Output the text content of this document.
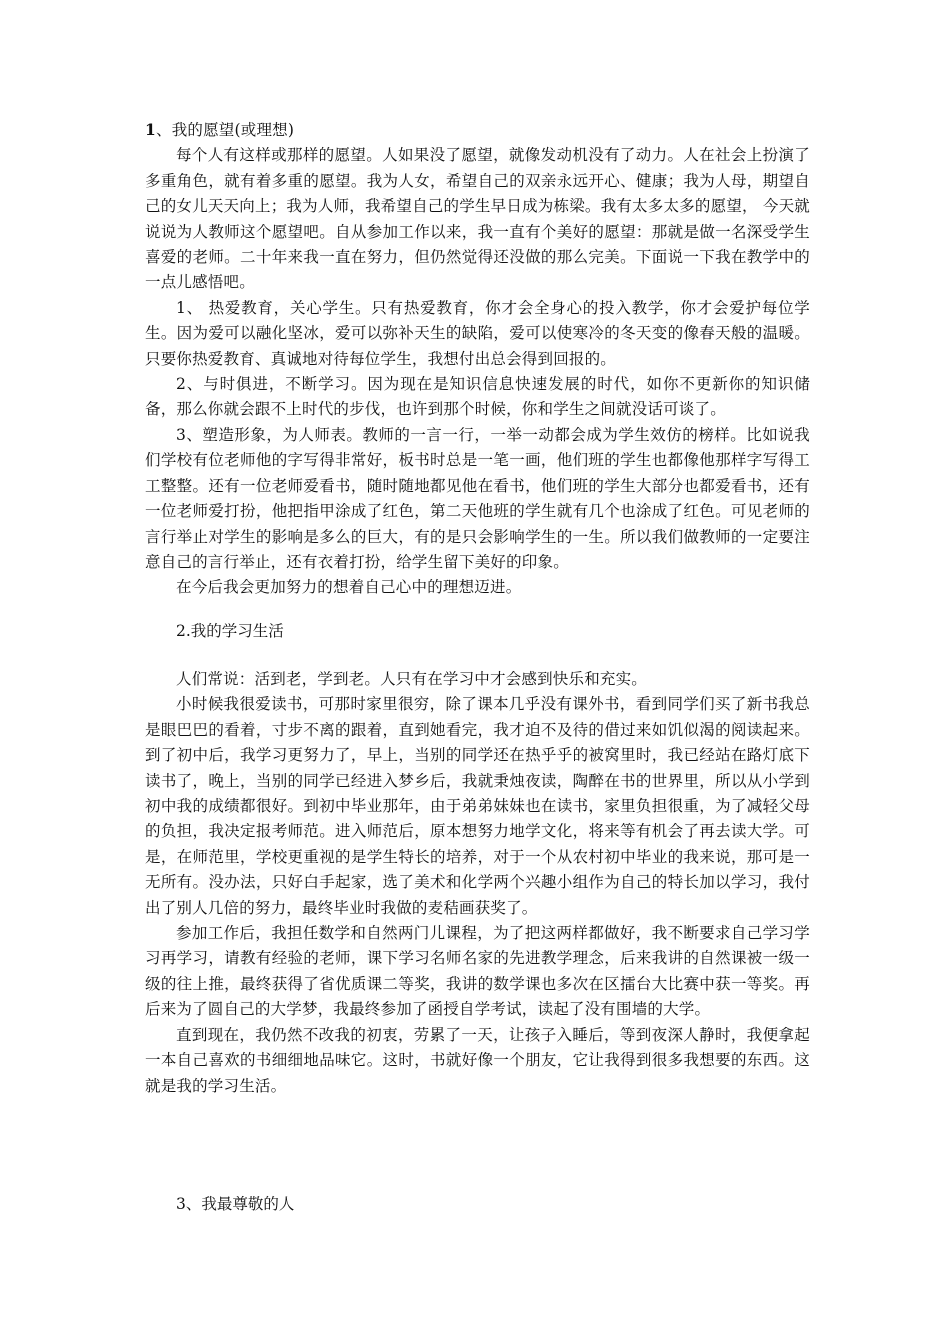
1、我的愿望(或理想)

每个人有这样或那样的愿望。人如果没了愿望，就像发动机没有了动力。人在社会上扮演了多重角色，就有着多重的愿望。我为人女，希望自己的双亲永远开心、健康；我为人母，期望自己的女儿天天向上；我为人师，我希望自己的学生早日成为栋梁。我有太多太多的愿望， 今天就说说为人教师这个愿望吧。自从参加工作以来，我一直有个美好的愿望：那就是做一名深受学生喜爱的老师。二十年来我一直在努力，但仍然觉得还没做的那么完美。下面说一下我在教学中的一点儿感悟吧。

1、 热爱教育，关心学生。只有热爱教育，你才会全身心的投入教学，你才会爱护每位学生。因为爱可以融化坚冰，爱可以弥补天生的缺陷，爱可以使寒冷的冬天变的像春天般的温暖。只要你热爱教育、真诚地对待每位学生，我想付出总会得到回报的。

2、与时俱进，不断学习。因为现在是知识信息快速发展的时代，如你不更新你的知识储备，那么你就会跟不上时代的步伐，也许到那个时候，你和学生之间就没话可谈了。

3、塑造形象，为人师表。教师的一言一行，一举一动都会成为学生效仿的榜样。比如说我们学校有位老师他的字写得非常好，板书时总是一笔一画，他们班的学生也都像他那样字写得工工整整。还有一位老师爱看书，随时随地都见他在看书，他们班的学生大部分也都爱看书，还有一位老师爱打扮，他把指甲涂成了红色，第二天他班的学生就有几个也涂成了红色。可见老师的言行举止对学生的影响是多么的巨大，有的是只会影响学生的一生。所以我们做教师的一定要注意自己的言行举止，还有衣着打扮，给学生留下美好的印象。

在今后我会更加努力的想着自己心中的理想迈进。

2.我的学习生活

人们常说：活到老，学到老。人只有在学习中才会感到快乐和充实。

小时候我很爱读书，可那时家里很穷，除了课本几乎没有课外书，看到同学们买了新书我总是眼巴巴的看着，寸步不离的跟着，直到她看完，我才迫不及待的借过来如饥似渴的阅读起来。到了初中后，我学习更努力了，早上，当别的同学还在热乎乎的被窝里时，我已经站在路灯底下读书了，晚上，当别的同学已经进入梦乡后，我就秉烛夜读，陶醉在书的世界里，所以从小学到初中我的成绩都很好。到初中毕业那年，由于弟弟妹妹也在读书，家里负担很重，为了减轻父母的负担，我决定报考师范。进入师范后，原本想努力地学文化，将来等有机会了再去读大学。可是，在师范里，学校更重视的是学生特长的培养，对于一个从农村初中毕业的我来说，那可是一无所有。没办法，只好白手起家，选了美术和化学两个兴趣小组作为自己的特长加以学习，我付出了别人几倍的努力，最终毕业时我做的麦秸画获奖了。

参加工作后，我担任数学和自然两门儿课程，为了把这两样都做好，我不断要求自己学习学习再学习，请教有经验的老师，课下学习名师名家的先进教学理念，后来我讲的自然课被一级一级的往上推，最终获得了省优质课二等奖，我讲的数学课也多次在区擂台大比赛中获一等奖。再后来为了圆自己的大学梦，我最终参加了函授自学考试，读起了没有围墙的大学。

直到现在，我仍然不改我的初衷，劳累了一天，让孩子入睡后，等到夜深人静时，我便拿起一本自己喜欢的书细细地品味它。这时，书就好像一个朋友，它让我得到很多我想要的东西。这就是我的学习生活。

3、我最尊敬的人
